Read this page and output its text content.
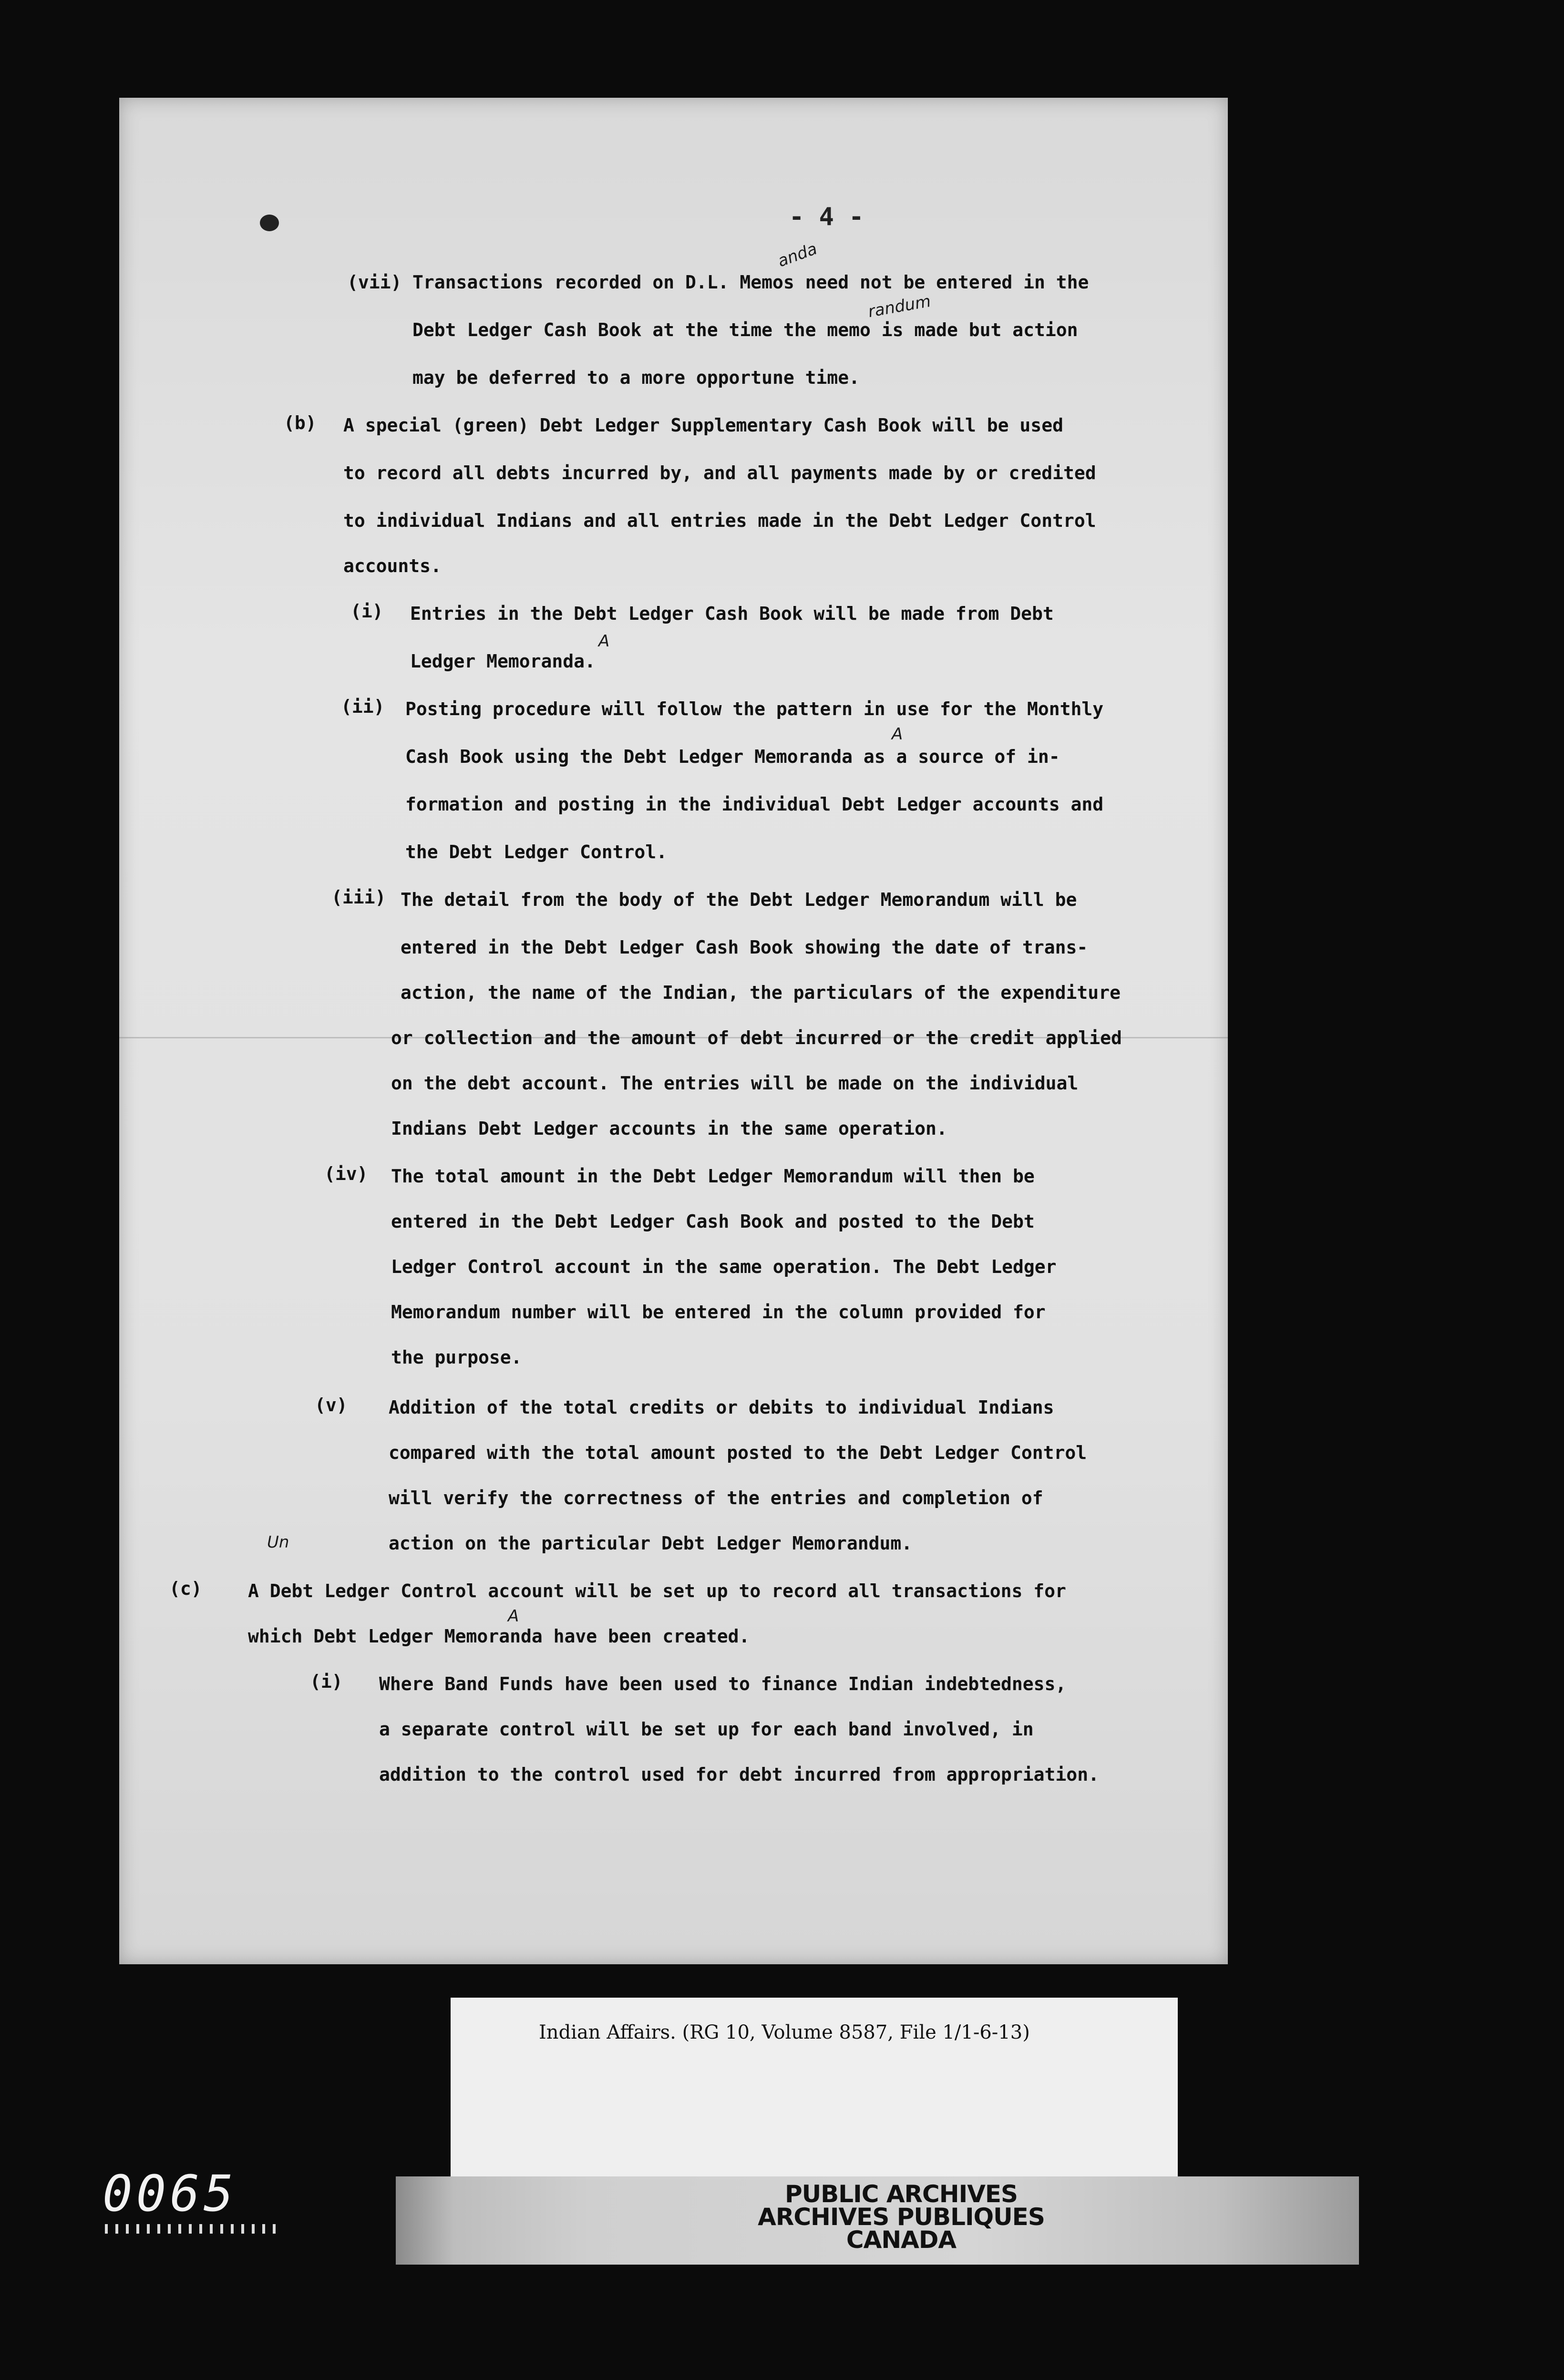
- 4 -
(vii) Transactions recorded on D.L. Memos need not be entered in the
anda
Debt Ledger Cash Book at the time the memo is made but action
randum
may be deferred to a more opportune time.
(b) A special (green) Debt Ledger Supplementary Cash Book will be used
to record all debts incurred by, and all payments made by or credited
to individual Indians and all entries made in the Debt Ledger Control
accounts.
(i) Entries in the Debt Ledger Cash Book will be made from Debt
Ledger Memoranda.
A
(ii) Posting procedure will follow the pattern in use for the Monthly
Cash Book using the Debt Ledger Memoranda as a source of in-
A
formation and posting in the individual Debt Ledger accounts and
the Debt Ledger Control.
(iii) The detail from the body of the Debt Ledger Memorandum will be
entered in the Debt Ledger Cash Book showing the date of trans-
action, the name of the Indian, the particulars of the expenditure
or collection and the amount of debt incurred or the credit applied
on the debt account. The entries will be made on the individual
Indians Debt Ledger accounts in the same operation.
(iv) The total amount in the Debt Ledger Memorandum will then be
entered in the Debt Ledger Cash Book and posted to the Debt
Ledger Control account in the same operation. The Debt Ledger
Memorandum number will be entered in the column provided for
the purpose.
(v) Addition of the total credits or debits to individual Indians
compared with the total amount posted to the Debt Ledger Control
will verify the correctness of the entries and completion of
action on the particular Debt Ledger Memorandum.
Un
(c)	A Debt Ledger Control account will be set up to record all transactions for
which Debt Ledger Memoranda have been created.
A
(i) Where Band Funds have been used to finance Indian indebtedness,
a separate control will be set up for each band involved, in
addition to the control used for debt incurred from appropriation.
Indian Affairs. (RG 10, Volume 8587, File 1/1-6-13)
0065	PUBLIC ARCHIVES
ARCHIVES PUBLIQUES
CANADA
